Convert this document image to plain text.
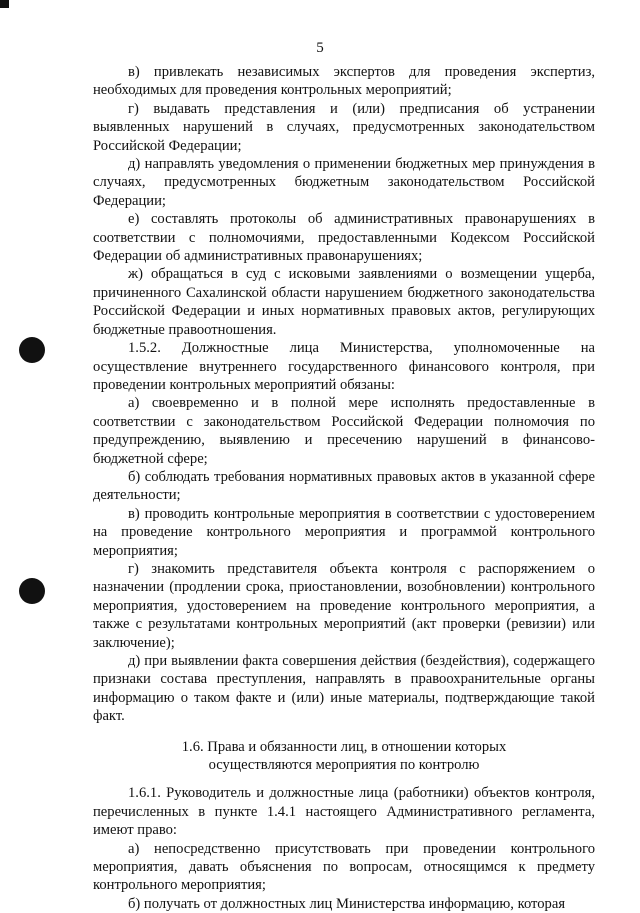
5

в) привлекать независимых экспертов для проведения экспертиз, необходимых для проведения контрольных мероприятий;

г) выдавать представления и (или) предписания об устранении выявленных нарушений в случаях, предусмотренных законодательством Российской Федерации;

д) направлять уведомления о применении бюджетных мер принуждения в случаях, предусмотренных бюджетным законодательством Российской Федерации;

е) составлять протоколы об административных правонарушениях в соответствии с полномочиями, предоставленными Кодексом Российской Федерации об административных правонарушениях;

ж) обращаться в суд с исковыми заявлениями о возмещении ущерба, причиненного Сахалинской области нарушением бюджетного законодательства Российской Федерации и иных нормативных правовых актов, регулирующих бюджетные правоотношения.

1.5.2. Должностные лица Министерства, уполномоченные на осуществление внутреннего государственного финансового контроля, при проведении контрольных мероприятий обязаны:

а) своевременно и в полной мере исполнять предоставленные в соответствии с законодательством Российской Федерации полномочия по предупреждению, выявлению и пресечению нарушений в финансово-бюджетной сфере;

б) соблюдать требования нормативных правовых актов в указанной сфере деятельности;

в) проводить контрольные мероприятия в соответствии с удостоверением на проведение контрольного мероприятия и программой контрольного мероприятия;

г) знакомить представителя объекта контроля с распоряжением о назначении (продлении срока, приостановлении, возобновлении) контрольного мероприятия, удостоверением на проведение контрольного мероприятия, а также с результатами контрольных мероприятий (акт проверки (ревизии) или заключение);

д) при выявлении факта совершения действия (бездействия), содержащего признаки состава преступления, направлять в правоохранительные органы информацию о таком факте и (или) иные материалы, подтверждающие такой факт.

1.6. Права и обязанности лиц, в отношении которых
осуществляются мероприятия по контролю

1.6.1. Руководитель и должностные лица (работники) объектов контроля, перечисленных в пункте 1.4.1 настоящего Административного регламента, имеют право:

а) непосредственно присутствовать при проведении контрольного мероприятия, давать объяснения по вопросам, относящимся к предмету контрольного мероприятия;

б) получать от должностных лиц Министерства информацию, которая
